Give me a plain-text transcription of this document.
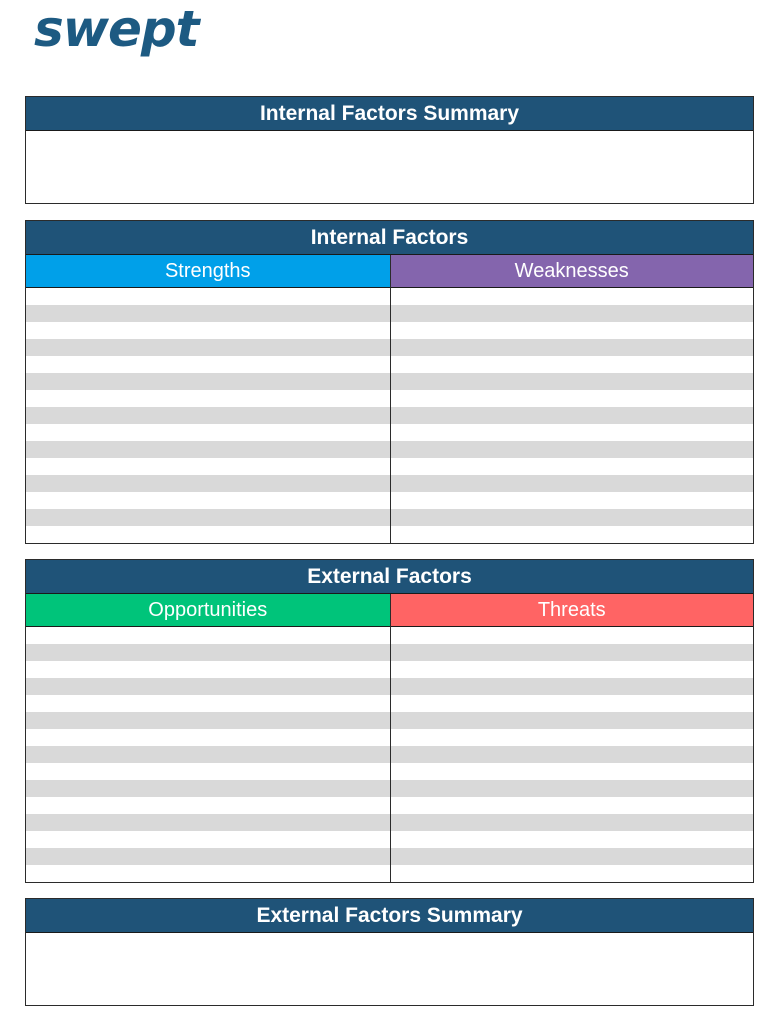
swept
Internal Factors Summary
Internal Factors
Strengths	Weaknesses
External Factors
Opportunities	Threats
External Factors Summary
